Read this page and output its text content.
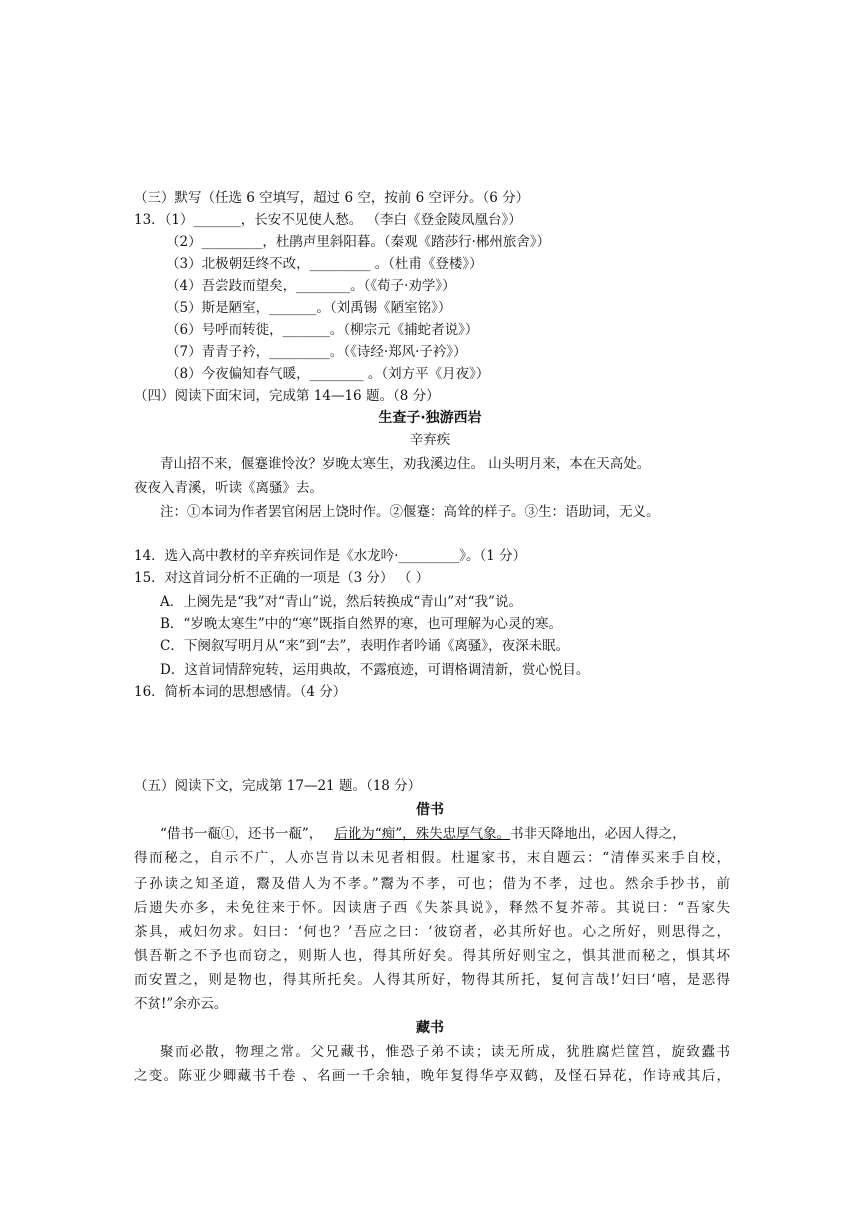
（三）默写（任选 6 空填写，超过 6 空，按前 6 空评分。（6 分）
13．（1）_______，长安不见使人愁。 （李白《登金陵凤凰台》）
（2）_________，杜鹃声里斜阳暮。（秦观《踏莎行·郴州旅舍》）
（3）北极朝廷终不改，_________ 。（杜甫《登楼》）
（4）吾尝跂而望矣，________。（《荀子·劝学》）
（5）斯是陋室，_______。（刘禹锡《陋室铭》）
（6）号呼而转徙，_______。（柳宗元《捕蛇者说》）
（7）青青子衿，_________。（《诗经·郑风·子衿》）
（8）今夜偏知春气暖，________ 。（刘方平《月夜》）
（四）阅读下面宋词，完成第 14—16 题。（8 分）
生查子·独游西岩
辛弃疾
青山招不来，偃蹇谁怜汝？岁晚太寒生，劝我溪边住。 山头明月来，本在天高处。
夜夜入青溪，听读《离骚》去。
注：①本词为作者罢官闲居上饶时作。②偃蹇：高耸的样子。③生：语助词，无义。
14．选入高中教材的辛弃疾词作是《水龙吟·_________》。（1 分）
15．对这首词分析不正确的一项是（3 分） （ ）
A．上阕先是“我”对“青山”说，然后转换成“青山”对“我”说。
B．“岁晚太寒生”中的“寒”既指自然界的寒，也可理解为心灵的寒。
C．下阕叙写明月从“来”到“去”，表明作者吟诵《离骚》，夜深未眠。
D．这首词情辞宛转，运用典故，不露痕迹，可谓格调清新，赏心悦目。
16．简析本词的思想感情。（4 分）
（五）阅读下文，完成第 17—21 题。（18 分）
借书
“借书一瓻①，还书一瓻”， 后讹为“痴”，殊失忠厚气象。书非天降地出，必因人得之，
得而秘之，自示不广，人亦岂肯以未见者相假。杜暹家书，末自题云：“清俸买来手自校，
子孙读之知圣道，鬻及借人为不孝。”鬻为不孝，可也；借为不孝，过也。然余手抄书，前
后遗失亦多，未免往来于怀。因读唐子西《失茶具说》，释然不复芥蒂。其说曰：“吾家失
茶具，戒妇勿求。妇曰：‘何也？’吾应之曰：‘彼窃者，必其所好也。心之所好，则思得之，
惧吾靳之不予也而窃之，则斯人也，得其所好矣。得其所好则宝之，惧其泄而秘之，惧其坏
而安置之，则是物也，得其所托矣。人得其所好，物得其所托，复何言哉!’妇曰‘嘻，是恶得
不贫!”余亦云。
藏书
聚而必散，物理之常。父兄藏书，惟恐子弟不读；读无所成，犹胜腐烂筐筥，旋致蠹书
之变。陈亚少卿藏书千卷 、名画一千余轴，晚年复得华亭双鹤，及怪石异花，作诗戒其后，
